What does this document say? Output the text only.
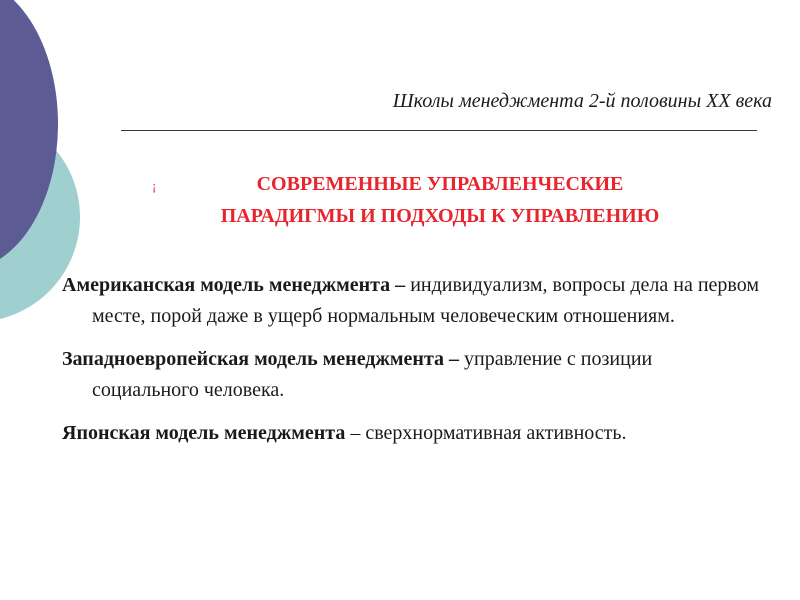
Школы менеджмента 2-й половины XX века
¡	СОВРЕМЕННЫЕ УПРАВЛЕНЧЕСКИЕ
ПАРАДИГМЫ И ПОДХОДЫ К УПРАВЛЕНИЮ

Американская модель менеджмента – индивидуализм, вопросы дела на первом месте, порой даже в ущерб нормальным человеческим отношениям.

Западноевропейская модель менеджмента – управление с позиции социального человека.

Японская модель менеджмента – сверхнормативная активность.
